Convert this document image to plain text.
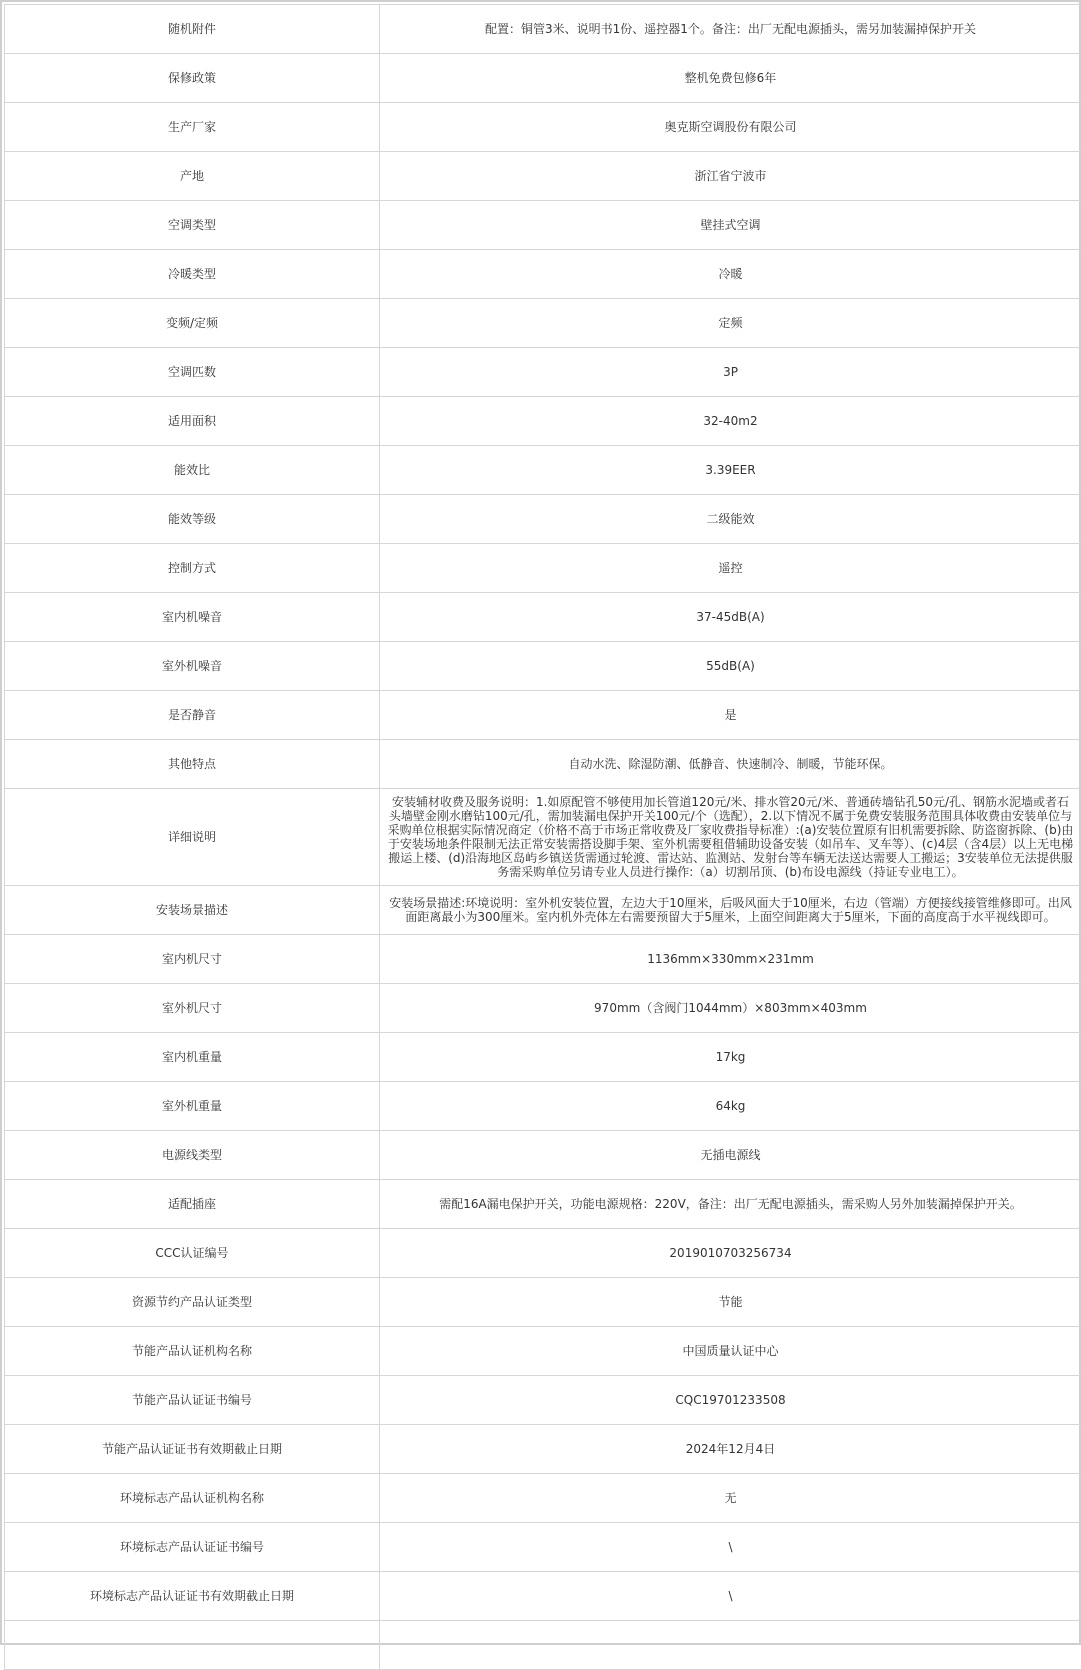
随机附件	配置：铜管3米、说明书1份、遥控器1个。备注：出厂无配电源插头，需另加装漏掉保护开关
保修政策	整机免费包修6年
生产厂家	奥克斯空调股份有限公司
产地	浙江省宁波市
空调类型	壁挂式空调
冷暖类型	冷暖
变频/定频	定频
空调匹数	3P
适用面积	32-40m2
能效比	3.39EER
能效等级	二级能效
控制方式	遥控
室内机噪音	37-45dB(A)
室外机噪音	55dB(A)
是否静音	是
其他特点	自动水洗、除湿防潮、低静音、快速制冷、制暖，节能环保。
详细说明	安装辅材收费及服务说明：1.如原配管不够使用加长管道120元/米、排水管20元/米、普通砖墙钻孔50元/孔、钢筋水泥墙或者石头墙壁金刚水磨钻100元/孔，需加装漏电保护开关100元/个（选配），2.以下情况不属于免费安装服务范围具体收费由安装单位与采购单位根据实际情况商定（价格不高于市场正常收费及厂家收费指导标准）:(a)安装位置原有旧机需要拆除、防盗窗拆除、(b)由于安装场地条件限制无法正常安装需搭设脚手架、室外机需要租借辅助设备安装（如吊车、叉车等）、(c)4层（含4层）以上无电梯搬运上楼、(d)沿海地区岛屿乡镇送货需通过轮渡、雷达站、监测站、发射台等车辆无法送达需要人工搬运；3安装单位无法提供服务需采购单位另请专业人员进行操作:（a）切割吊顶、(b)布设电源线（持证专业电工）。
安装场景描述	安装场景描述:环境说明：室外机安装位置，左边大于10厘米，后吸风面大于10厘米，右边（管端）方便接线接管维修即可。出风面距离最小为300厘米。室内机外壳体左右需要预留大于5厘米，上面空间距离大于5厘米，下面的高度高于水平视线即可。
室内机尺寸	1136mm×330mm×231mm
室外机尺寸	970mm（含阀门1044mm）×803mm×403mm
室内机重量	17kg
室外机重量	64kg
电源线类型	无插电源线
适配插座	需配16A漏电保护开关，功能电源规格：220V，备注：出厂无配电源插头，需采购人另外加装漏掉保护开关。
CCC认证编号	2019010703256734
资源节约产品认证类型	节能
节能产品认证机构名称	中国质量认证中心
节能产品认证证书编号	CQC19701233508
节能产品认证证书有效期截止日期	2024年12月4日
环境标志产品认证机构名称	无
环境标志产品认证证书编号	\
环境标志产品认证证书有效期截止日期	\
